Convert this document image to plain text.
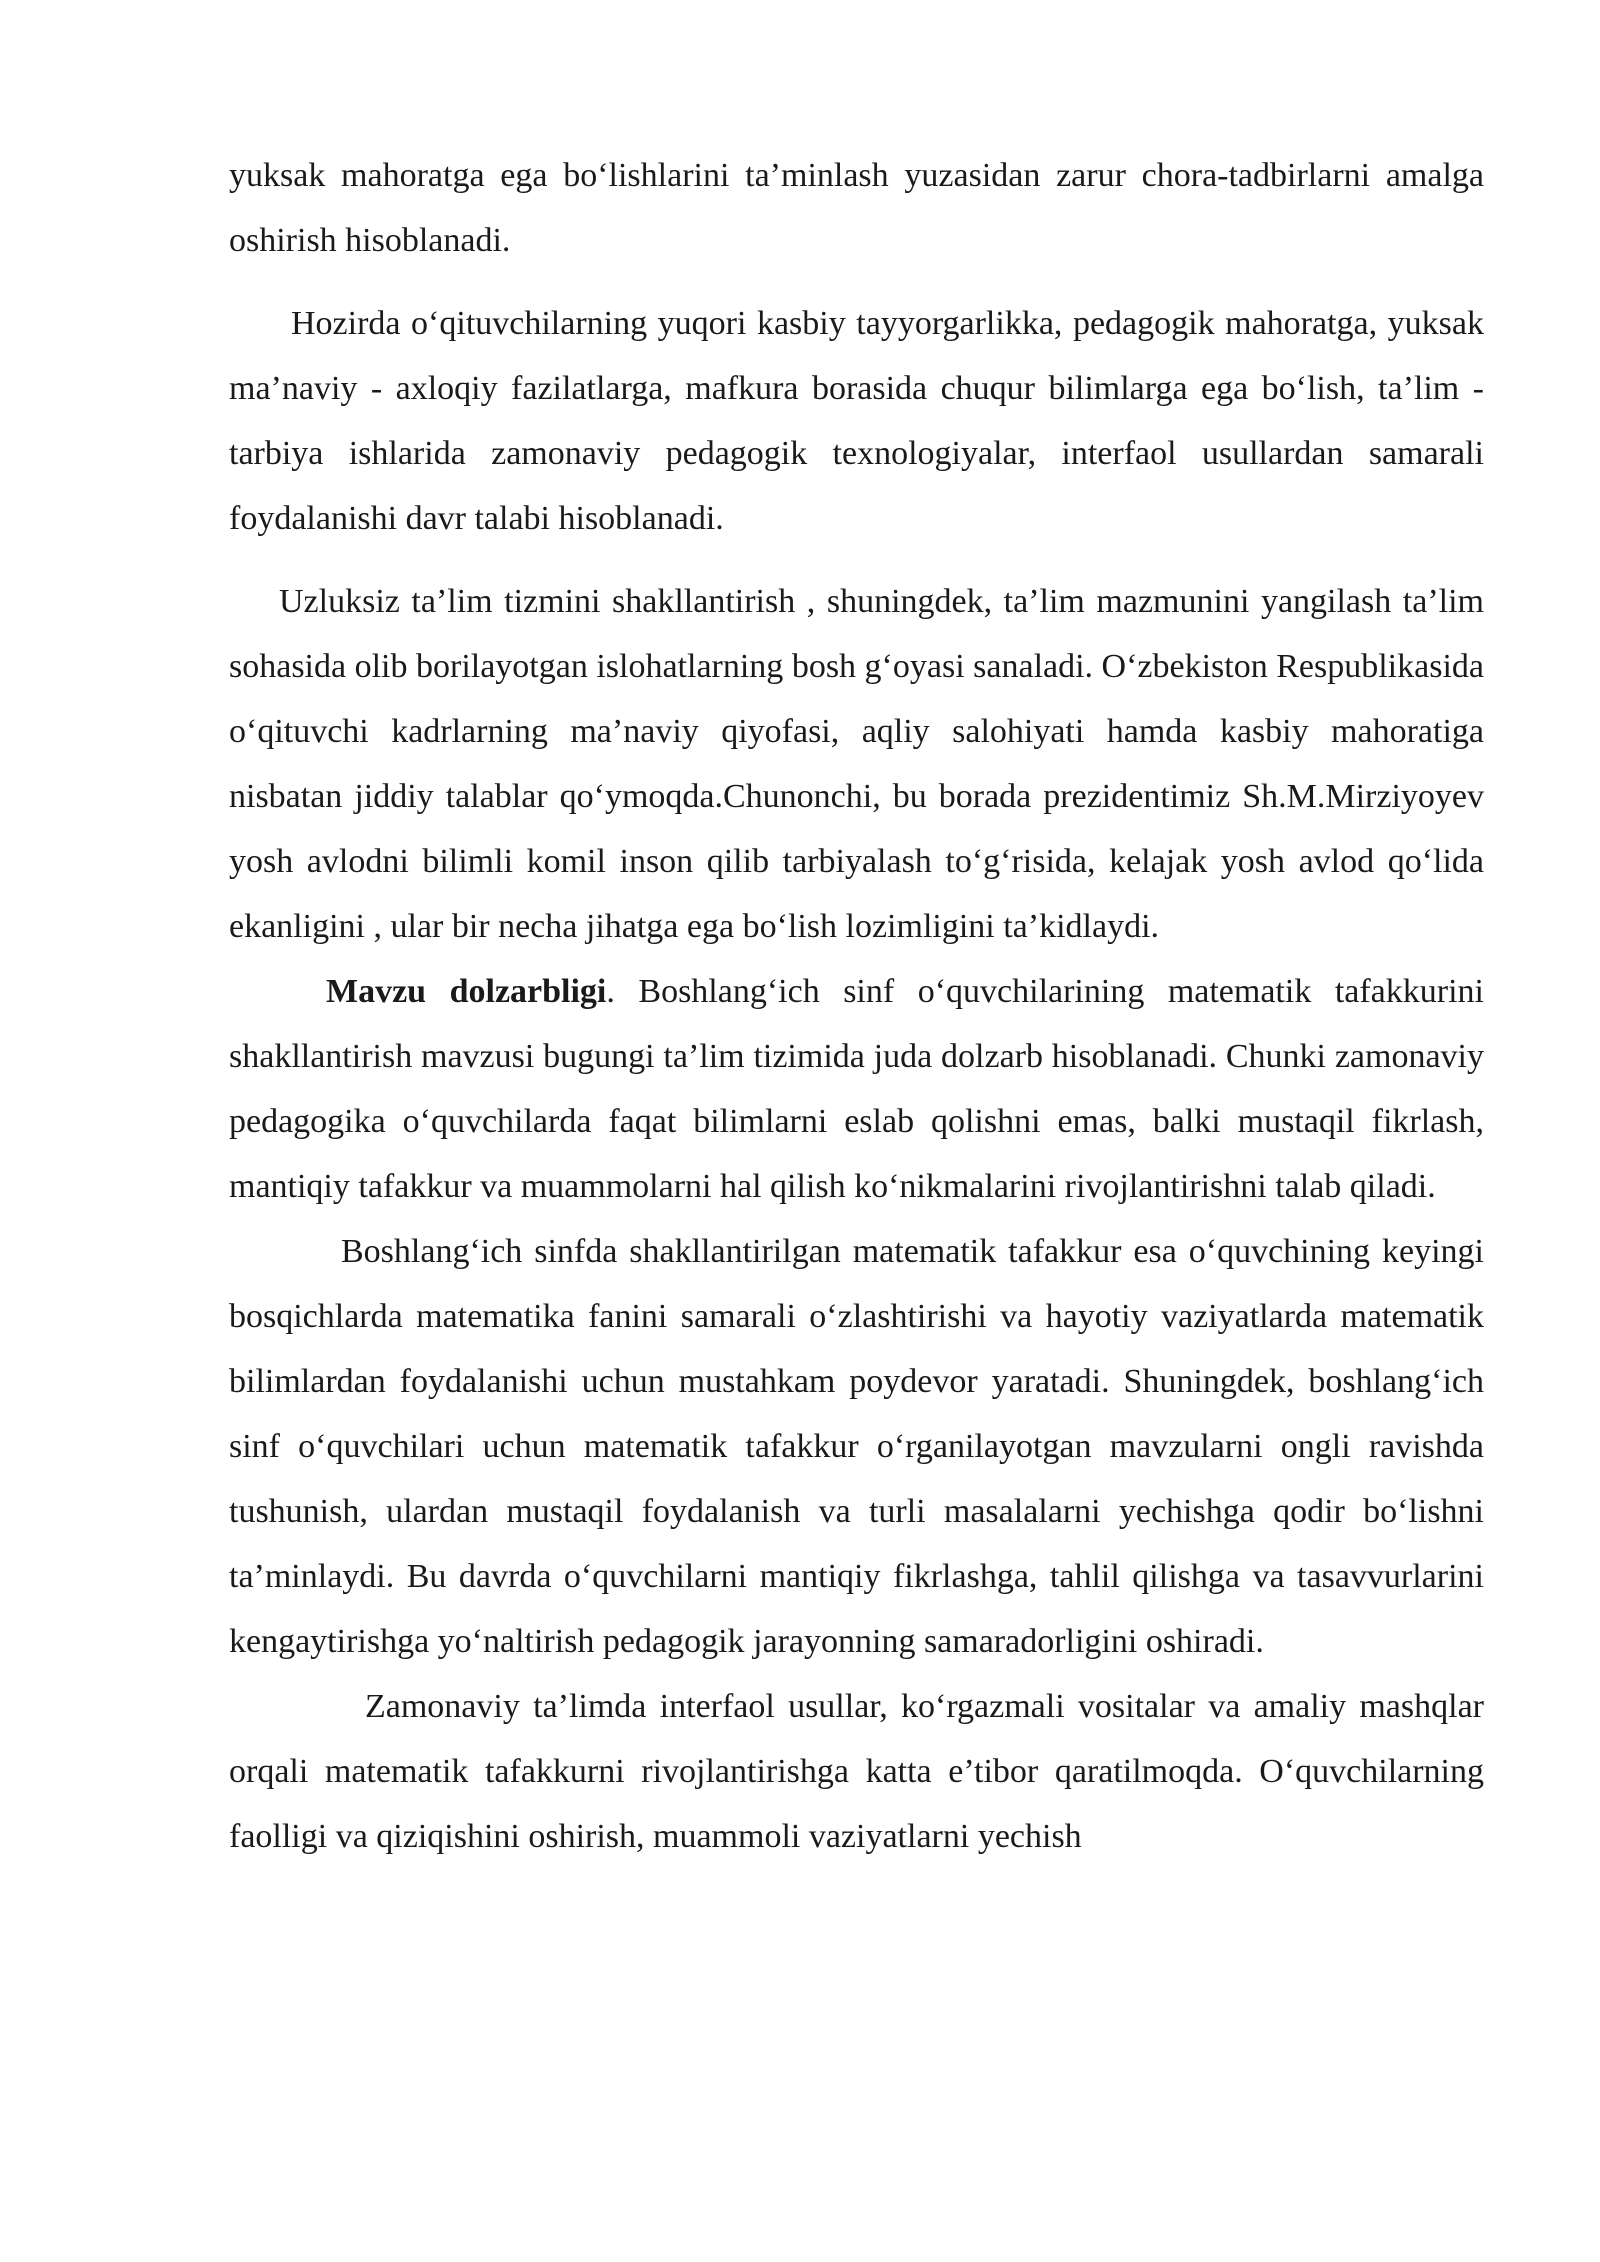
yuksak mahoratga ega bo‘lishlarini ta’minlash yuzasidan zarur chora-tadbirlarni amalga oshirish hisoblanadi.

Hozirda o‘qituvchilarning yuqori kasbiy tayyorgarlikka, pedagogik mahoratga, yuksak ma’naviy - axloqiy fazilatlarga, mafkura borasida chuqur bilimlarga ega bo‘lish, ta’lim - tarbiya ishlarida zamonaviy pedagogik texnologiyalar, interfaol usullardan samarali foydalanishi davr talabi hisoblanadi.

Uzluksiz ta’lim tizmini shakllantirish , shuningdek, ta’lim mazmunini yangilash ta’lim sohasida olib borilayotgan islohatlarning bosh g‘oyasi sanaladi. O‘zbekiston Respublikasida o‘qituvchi kadrlarning ma’naviy qiyofasi, aqliy salohiyati hamda kasbiy mahoratiga nisbatan jiddiy talablar qo‘ymoqda.Chunonchi, bu borada prezidentimiz Sh.M.Mirziyoyev yosh avlodni bilimli komil inson qilib tarbiyalash to‘g‘risida, kelajak yosh avlod qo‘lida ekanligini , ular bir necha jihatga ega bo‘lish lozimligini ta’kidlaydi.

Mavzu dolzarbligi. Boshlang‘ich sinf o‘quvchilarining matematik tafakkurini shakllantirish mavzusi bugungi ta’lim tizimida juda dolzarb hisoblanadi. Chunki zamonaviy pedagogika o‘quvchilarda faqat bilimlarni eslab qolishni emas, balki mustaqil fikrlash, mantiqiy tafakkur va muammolarni hal qilish ko‘nikmalarini rivojlantirishni talab qiladi.

Boshlang‘ich sinfda shakllantirilgan matematik tafakkur esa o‘quvchining keyingi bosqichlarda matematika fanini samarali o‘zlashtirishi va hayotiy vaziyatlarda matematik bilimlardan foydalanishi uchun mustahkam poydevor yaratadi. Shuningdek, boshlang‘ich sinf o‘quvchilari uchun matematik tafakkur o‘rganilayotgan mavzularni ongli ravishda tushunish, ulardan mustaqil foydalanish va turli masalalarni yechishga qodir bo‘lishni ta’minlaydi. Bu davrda o‘quvchilarni mantiqiy fikrlashga, tahlil qilishga va tasavvurlarini kengaytirishga yo‘naltirish pedagogik jarayonning samaradorligini oshiradi.

Zamonaviy ta’limda interfaol usullar, ko‘rgazmali vositalar va amaliy mashqlar orqali matematik tafakkurni rivojlantirishga katta e’tibor qaratilmoqda. O‘quvchilarning faolligi va qiziqishini oshirish, muammoli vaziyatlarni yechish
